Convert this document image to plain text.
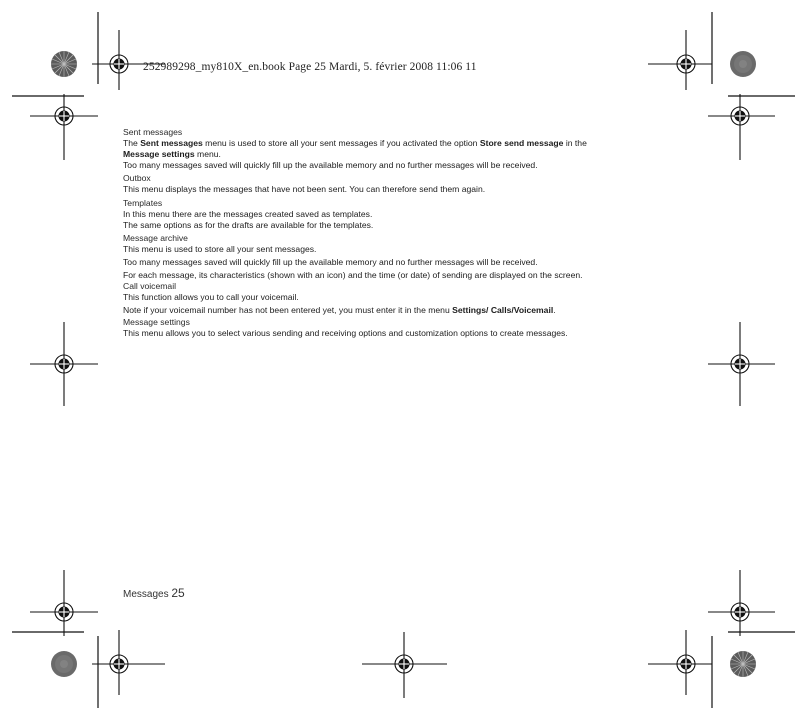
252989298_my810X_en.book Page 25 Mardi, 5. février 2008 11:06 11

Sent messages

The Sent messages menu is used to store all your sent messages if you activated the option Store send message in the

Message settings menu.

Too many messages saved will quickly fill up the available memory and no further messages will be received.

Outbox

This menu displays the messages that have not been sent. You can therefore send them again.

Templates

In this menu there are the messages created saved as templates.

The same options as for the drafts are available for the templates.

Message archive

This menu is used to store all your sent messages.

Too many messages saved will quickly fill up the available memory and no further messages will be received.

For each message, its characteristics (shown with an icon) and the time (or date) of sending are displayed on the screen.

Call voicemail

This function allows you to call your voicemail.

Note if your voicemail number has not been entered yet, you must enter it in the menu Settings/ Calls/Voicemail.

Message settings

This menu allows you to select various sending and receiving options and customization options to create messages.

Messages 25
